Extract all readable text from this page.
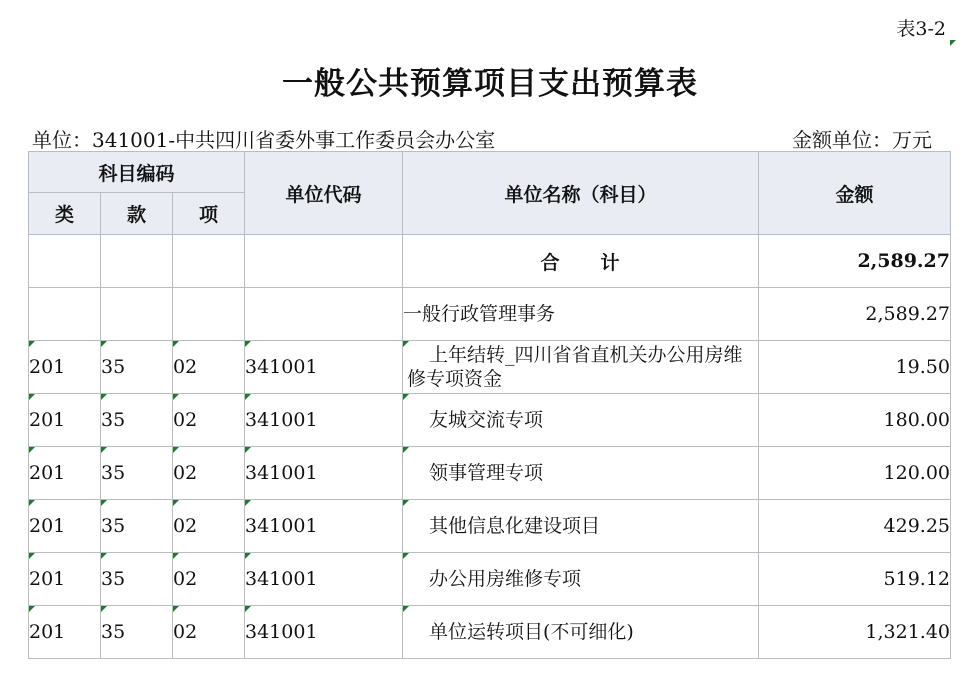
表3-2
一般公共预算项目支出预算表
单位：341001-中共四川省委外事工作委员会办公室	金额单位：万元
科目编码			单位代码	单位名称（科目）	金额
类	款	项			
				合　　计	2,589.27
				一般行政管理事务	2,589.27

201	35	02	341001	上年结转_四川省省直机关办公用房维修专项资金	19.50

201	35	02	341001	友城交流专项	180.00

201	35	02	341001	领事管理专项	120.00

201	35	02	341001	其他信息化建设项目	429.25

201	35	02	341001	办公用房维修专项	519.12

201	35	02	341001	单位运转项目(不可细化)	1,321.40
